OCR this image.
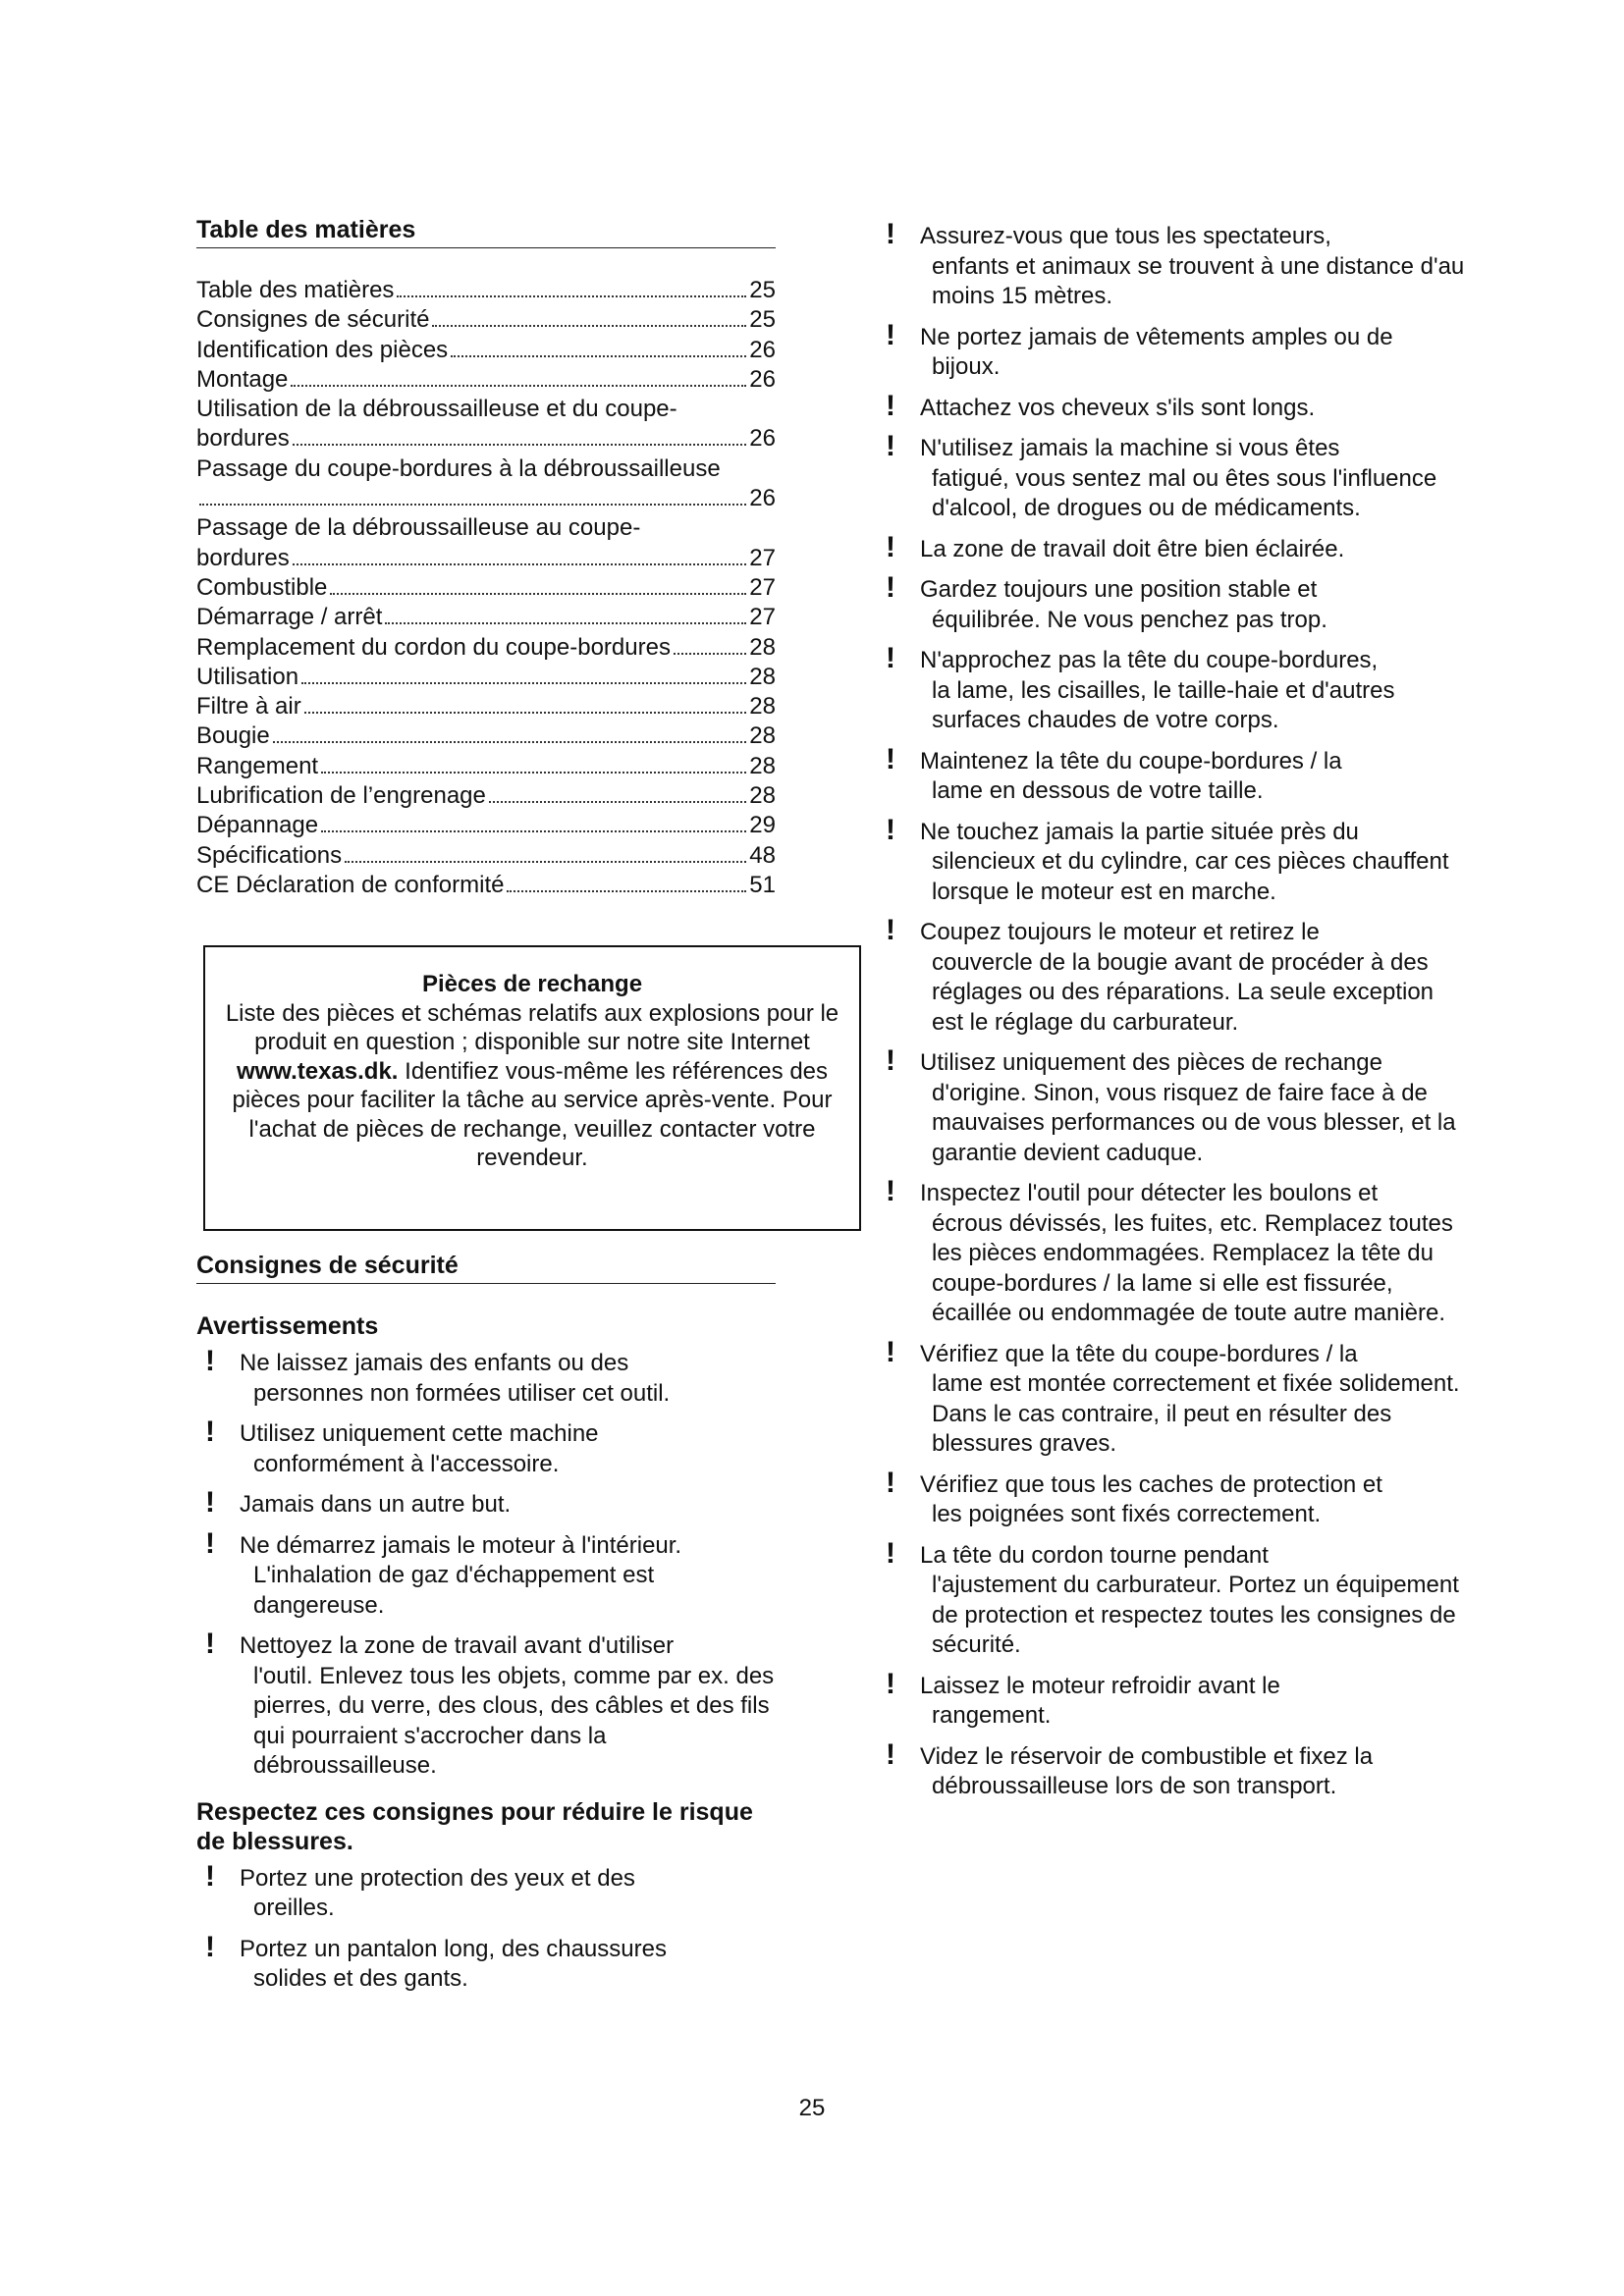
Table des matières
Table des matières	25
Consignes de sécurité	25
Identification des pièces	26
Montage	26
Utilisation de la débroussailleuse et du coupe-
bordures	26
Passage du coupe-bordures à la débroussailleuse
26
Passage de la débroussailleuse au coupe-
bordures	27
Combustible	27
Démarrage / arrêt	27
Remplacement du cordon du coupe-bordures	28
Utilisation	28
Filtre à air	28
Bougie	28
Rangement	28
Lubrification de l’engrenage	28
Dépannage	29
Spécifications	48
CE Déclaration de conformité	51
Pièces de rechange
Liste des pièces et schémas relatifs aux explosions pour le produit en question ; disponible sur notre site Internet www.texas.dk. Identifiez vous-même les références des pièces pour faciliter la tâche au service après-vente. Pour l'achat de pièces de rechange, veuillez contacter votre revendeur.
Consignes de sécurité
Avertissements
! Ne laissez jamais des enfants ou des
personnes non formées utiliser cet outil.
! Utilisez uniquement cette machine
conformément à l'accessoire.
! Jamais dans un autre but.
! Ne démarrez jamais le moteur à l'intérieur.
L'inhalation de gaz d'échappement est dangereuse.
! Nettoyez la zone de travail avant d'utiliser
l'outil. Enlevez tous les objets, comme par ex. des pierres, du verre, des clous, des câbles et des fils qui pourraient s'accrocher dans la débroussailleuse.
Respectez ces consignes pour réduire le risque de blessures.
! Portez une protection des yeux et des
oreilles.
! Portez un pantalon long, des chaussures
solides et des gants.
! Assurez-vous que tous les spectateurs,
enfants et animaux se trouvent à une distance d'au moins 15 mètres.
! Ne portez jamais de vêtements amples ou de
bijoux.
! Attachez vos cheveux s'ils sont longs.
! N'utilisez jamais la machine si vous êtes
fatigué, vous sentez mal ou êtes sous l'influence d'alcool, de drogues ou de médicaments.
! La zone de travail doit être bien éclairée.
! Gardez toujours une position stable et
équilibrée. Ne vous penchez pas trop.
! N'approchez pas la tête du coupe-bordures,
la lame, les cisailles, le taille-haie et d'autres surfaces chaudes de votre corps.
! Maintenez la tête du coupe-bordures / la
lame en dessous de votre taille.
! Ne touchez jamais la partie située près du
silencieux et du cylindre, car ces pièces chauffent lorsque le moteur est en marche.
! Coupez toujours le moteur et retirez le
couvercle de la bougie avant de procéder à des réglages ou des réparations. La seule exception est le réglage du carburateur.
! Utilisez uniquement des pièces de rechange
d'origine. Sinon, vous risquez de faire face à de mauvaises performances ou de vous blesser, et la garantie devient caduque.
! Inspectez l'outil pour détecter les boulons et
écrous dévissés, les fuites, etc. Remplacez toutes les pièces endommagées. Remplacez la tête du coupe-bordures / la lame si elle est fissurée, écaillée ou endommagée de toute autre manière.
! Vérifiez que la tête du coupe-bordures / la
lame est montée correctement et fixée solidement. Dans le cas contraire, il peut en résulter des blessures graves.
! Vérifiez que tous les caches de protection et
les poignées sont fixés correctement.
! La tête du cordon tourne pendant
l'ajustement du carburateur. Portez un équipement de protection et respectez toutes les consignes de sécurité.
! Laissez le moteur refroidir avant le
rangement.
! Videz le réservoir de combustible et fixez la
débroussailleuse lors de son transport.
25
